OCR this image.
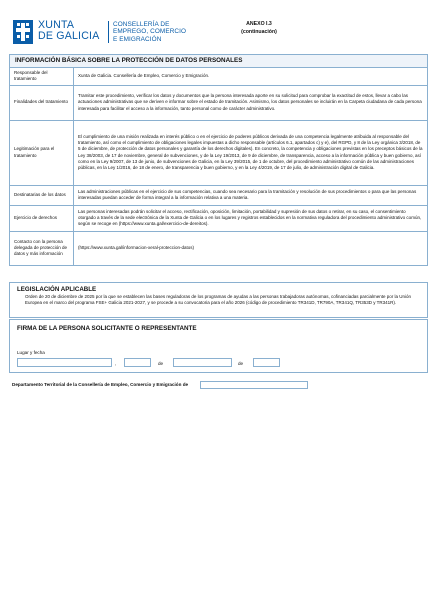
XUNTA
DE GALICIA
CONSELLERÍA DE
EMPREGO, COMERCIO
E EMIGRACIÓN
ANEXO I.3
(continuación)
INFORMACIÓN BÁSICA SOBRE LA PROTECCIÓN DE DATOS PERSONALES
Responsable del tratamiento	Xunta de Galicia. Consellería de Empleo, Comercio y Emigración.
Finalidades del tratamiento	Tramitar este procedimiento, verificar los datos y documentos que la persona interesada aporte en su solicitud para comprobar la exactitud de estos, llevar a cabo las actuaciones administrativas que se deriven e informar sobre el estado de tramitación. Asimismo, los datos personales se incluirán en la Carpeta ciudadana de cada persona interesada para facilitar el acceso a la información, tanto personal como de carácter administrativo.
Legitimación para el tratamiento	El cumplimiento de una misión realizada en interés público o en el ejercicio de poderes públicos derivada de una competencia legalmente atribuida al responsable del tratamiento, así como el cumplimiento de obligaciones legales impuestas a dicho responsable (artículos 6.1, apartados c) y e), del RGPD, y 8 de la Ley orgánica 3/2018, de 5 de diciembre, de protección de datos personales y garantía de los derechos digitales). En concreto, la competencia y obligaciones previstas en los preceptos básicos de la Ley 38/2003, de 17 de noviembre, general de subvenciones, y de la Ley 19/2013, de 9 de diciembre, de transparencia, acceso a la información pública y buen gobierno, así como en la Ley 9/2007, de 13 de junio, de subvenciones de Galicia, en la Ley 39/2015, de 1 de octubre, del procedimiento administrativo común de las administraciones públicas, en la Ley 1/2016, de 18 de enero, de transparencia y buen gobierno, y en la Ley 4/2019, de 17 de julio, de administración digital de Galicia.
Destinatarias de los datos	Las administraciones públicas en el ejercicio de sus competencias, cuando sea necesario para la tramitación y resolución de sus procedimientos o para que las personas interesadas puedan acceder de forma integral a la información relativa a una materia.
Ejercicio de derechos	Las personas interesadas podrán solicitar el acceso, rectificación, oposición, limitación, portabilidad y supresión de sus datos o retirar, en su caso, el consentimiento otorgado a través de la sede electrónica de la Xunta de Galicia o en los lugares y registros establecidos en la normativa reguladora del procedimiento administrativo común, según se recoge en (https://www.xunta.gal/exercicio-de-dereitos).
Contacto con la persona delegada de protección de datos y más información	(https://www.xunta.gal/informacion-xeral-proteccion-datos)
LEGISLACIÓN APLICABLE
Orden de 20 de diciembre de 2025 por la que se establecen las bases reguladoras de los programas de ayudas a las personas trabajadoras autónomas, cofinanciadas parcialmente por la Unión Europea en el marco del programa FSE+ Galicia 2021-2027, y se procede a su convocatoria para el año 2026 (código de procedimiento TR341D, TR790A, TR341Q, TR353D y TR341R).
FIRMA DE LA PERSONA SOLICITANTE O REPRESENTANTE
Lugar y fecha
,	de	de
Departamento Territorial de la Consellería de Empleo, Comercio y Emigración de
